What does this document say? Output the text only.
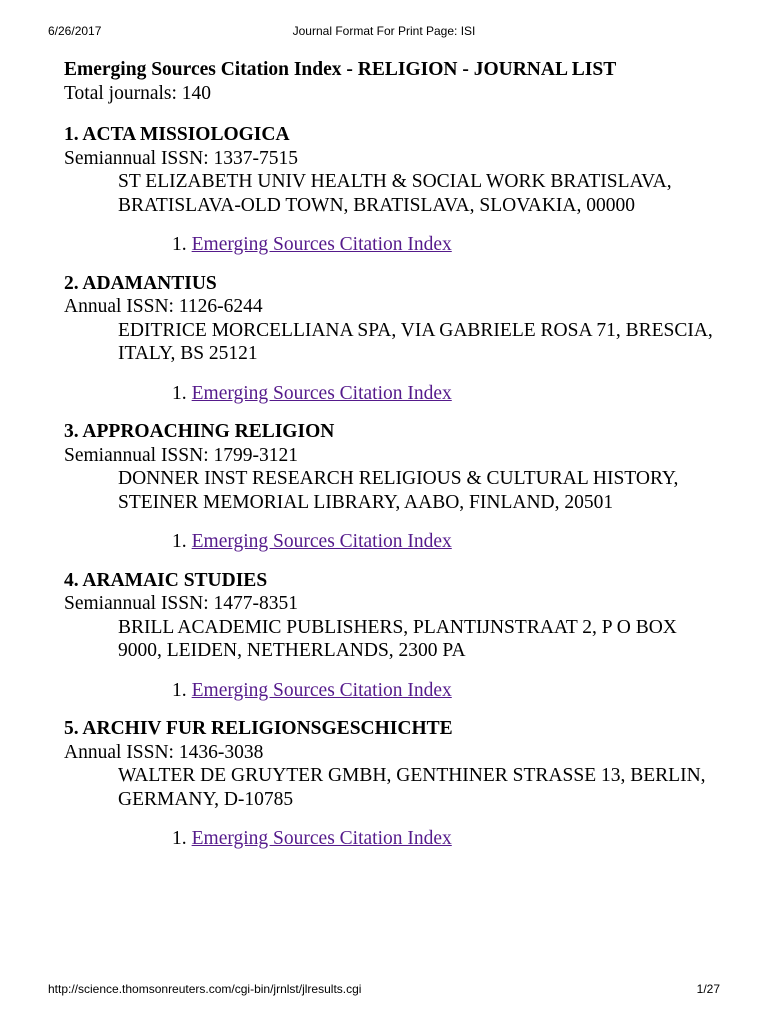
6/26/2017	Journal Format For Print Page: ISI
Emerging Sources Citation Index - RELIGION - JOURNAL LIST
Total journals: 140
1. ACTA MISSIOLOGICA
Semiannual ISSN: 1337-7515
ST ELIZABETH UNIV HEALTH & SOCIAL WORK BRATISLAVA, BRATISLAVA-OLD TOWN, BRATISLAVA, SLOVAKIA, 00000
1. Emerging Sources Citation Index
2. ADAMANTIUS
Annual ISSN: 1126-6244
EDITRICE MORCELLIANA SPA, VIA GABRIELE ROSA 71, BRESCIA, ITALY, BS 25121
1. Emerging Sources Citation Index
3. APPROACHING RELIGION
Semiannual ISSN: 1799-3121
DONNER INST RESEARCH RELIGIOUS & CULTURAL HISTORY, STEINER MEMORIAL LIBRARY, AABO, FINLAND, 20501
1. Emerging Sources Citation Index
4. ARAMAIC STUDIES
Semiannual ISSN: 1477-8351
BRILL ACADEMIC PUBLISHERS, PLANTIJNSTRAAT 2, P O BOX 9000, LEIDEN, NETHERLANDS, 2300 PA
1. Emerging Sources Citation Index
5. ARCHIV FUR RELIGIONSGESCHICHTE
Annual ISSN: 1436-3038
WALTER DE GRUYTER GMBH, GENTHINER STRASSE 13, BERLIN, GERMANY, D-10785
1. Emerging Sources Citation Index
http://science.thomsonreuters.com/cgi-bin/jrnlst/jlresults.cgi	1/27
